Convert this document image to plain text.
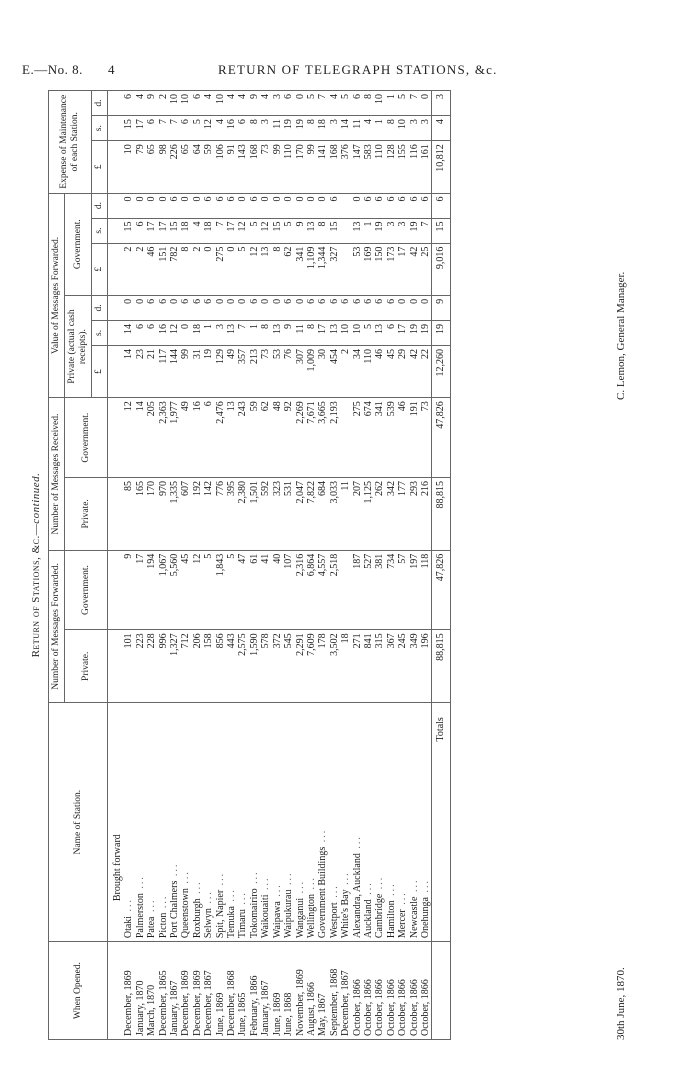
E.—No. 8. 4	RETURN OF TELEGRAPH STATIONS, &c.
Return of Stations, &c.—continued.
When Opened.	Name of Station.	Number of Messages Forwarded.		Number of Messages Received.		Value of Messages Forwarded.						Expense of Maintenance of each Station.		
		Private.	Government.	Private.	Government.	Private (actual cash receipts).			Government.					
						£	s.	d.	£	s.	d.	£	s.	d.
	Brought forward													
December, 1869	Otaki ...	101	9	85	12	14	14	0	2	15	0	10	15	6
January, 1870	Palmerston ...	223	17	165	14	23	6	0	2	6	0	79	17	4
March, 1870	Patea ...	228	194	170	205	21	6	6	46	17	0	65	6	9
December, 1865	Picton ...	996	1,067	970	2,363	117	16	6	151	17	0	98	7	2
January, 1867	Port Chalmers ...	1,327	5,560	1,335	1,977	144	12	0	782	15	6	226	7	10
December, 1869	Queenstown ...	712	45	607	49	99	0	6	8	18	0	65	6	10
December, 1869	Roxburgh ...	206	12	192	16	31	18	6	2	4	0	64	5	6
December, 1867	Selwyn ...	158	5	142	6	19	1	6	0	18	6	59	12	4
June, 1869	Spit, Napier ...	856	1,843	776	2,476	129	3	0	275	7	6	106	4	10
December, 1868	Temuka ...	443	5	395	13	49	13	0	0	17	6	91	16	4
June, 1865	Timaru ...	2,575	47	2,380	243	357	7	0	5	12	0	143	6	4
February, 1866	Tokomairiro ...	1,590	61	1,501	59	213	1	6	12	5	6	168	8	9
January, 1867	Waikouaiti ...	578	41	592	62	73	8	0	13	12	0	73	3	4
June, 1869	Waipawa ...	372	40	323	48	53	13	0	8	15	0	99	11	3
June, 1868	Waipukurau ...	545	107	531	92	76	9	6	62	5	0	110	19	6
November, 1869	Wanganui ...	2,291	2,316	2,047	2,269	307	11	0	341	9	0	170	19	0
August, 1866	Wellington ...	7,609	6,864	7,822	7,671	1,009	8	6	1,109	13	0	99	8	5
May, 1867	Government Buildings ...	178	4,557	684	3,665	30	17	6	1,344	8	0	141	18	7
September, 1868	Westport ...	3,502	2,518	3,033	2,193	454	13	6	327	15	6	168	3	4
December, 1867	White's Bay ...	18		11		2	10	6				376	14	5
October, 1866	Alexandra, Auckland ...	271	187	207	275	34	10	6	53	13	0	147	11	6
October, 1866	Auckland ...	841	527	1,125	674	110	5	6	169	1	6	583	4	8
October, 1866	Cambridge ...	315	381	262	341	46	13	6	150	19	6	110	1	10
October, 1866	Hamilton ...	367	734	342	539	45	6	6	173	3	6	128	8	1
October, 1866	Mercer ...	245	57	177	46	29	17	0	17	3	6	155	10	5
October, 1866	Newcastle ...	349	197	293	191	42	19	0	42	19	6	116	3	7
October, 1866	Onehunga ...	196	118	216	73	22	19	0	25	7	6	161	3	0
	Totals	88,815	47,826	88,815	47,826	12,260	19	9	9,016	15	6	10,812	4	3
30th June, 1870.
C. Lemon, General Manager.
